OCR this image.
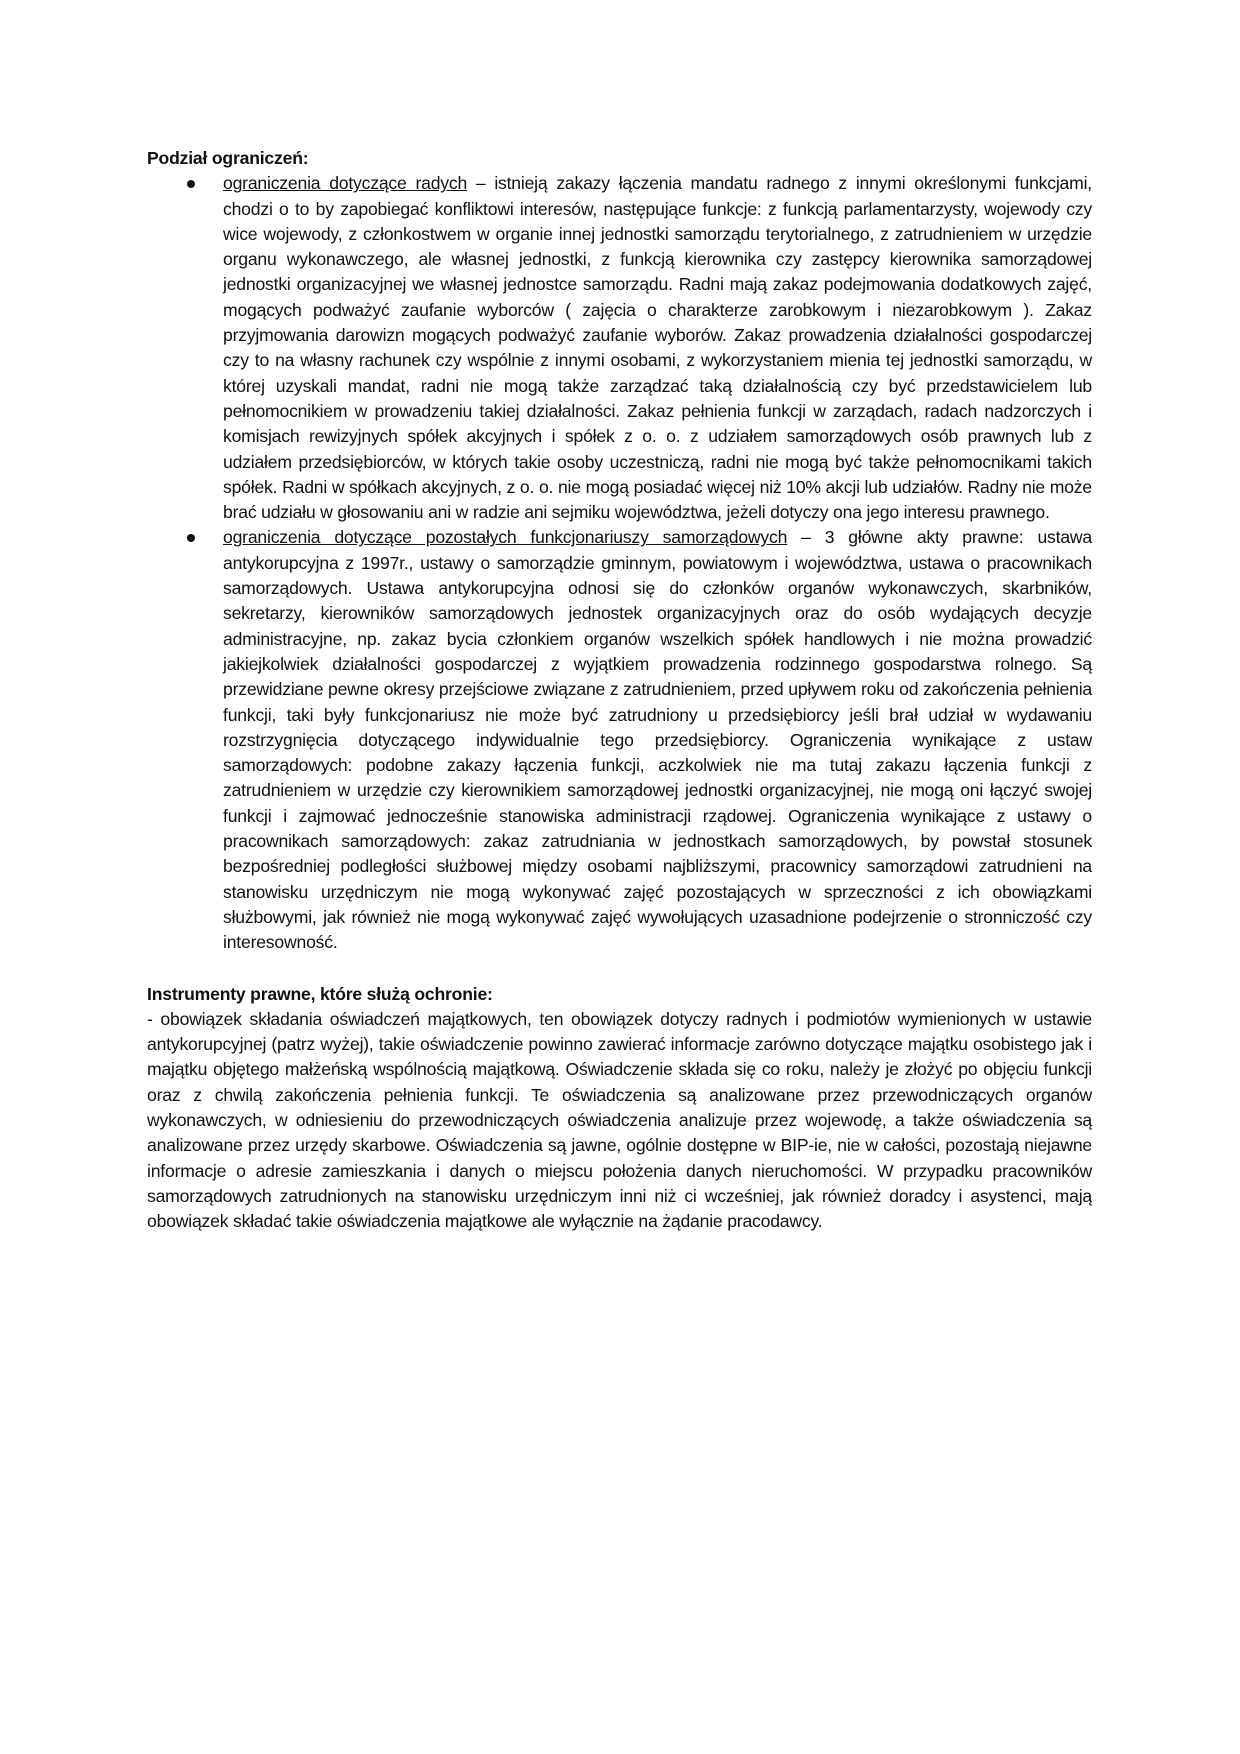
Podział ograniczeń:

ograniczenia dotyczące radych – istnieją zakazy łączenia mandatu radnego z innymi określonymi funkcjami, chodzi o to by zapobiegać konfliktowi interesów, następujące funkcje: z funkcją parlamentarzysty, wojewody czy wice wojewody, z członkostwem w organie innej jednostki samorządu terytorialnego, z zatrudnieniem w urzędzie organu wykonawczego, ale własnej jednostki, z funkcją kierownika czy zastępcy kierownika samorządowej jednostki organizacyjnej we własnej jednostce samorządu. Radni mają zakaz podejmowania dodatkowych zajęć, mogących podważyć zaufanie wyborców ( zajęcia o charakterze zarobkowym i niezarobkowym ). Zakaz przyjmowania darowizn mogących podważyć zaufanie wyborów. Zakaz prowadzenia działalności gospodarczej czy to na własny rachunek czy wspólnie z innymi osobami, z wykorzystaniem mienia tej jednostki samorządu, w której uzyskali mandat, radni nie mogą także zarządzać taką działalnością czy być przedstawicielem lub pełnomocnikiem w prowadzeniu takiej działalności. Zakaz pełnienia funkcji w zarządach, radach nadzorczych i komisjach rewizyjnych spółek akcyjnych i spółek z o. o. z udziałem samorządowych osób prawnych lub z udziałem przedsiębiorców, w których takie osoby uczestniczą, radni nie mogą być także pełnomocnikami takich spółek. Radni w spółkach akcyjnych, z o. o. nie mogą posiadać więcej niż 10% akcji lub udziałów. Radny nie może brać udziału w głosowaniu ani w radzie ani sejmiku województwa, jeżeli dotyczy ona jego interesu prawnego.
ograniczenia dotyczące pozostałych funkcjonariuszy samorządowych – 3 główne akty prawne: ustawa antykorupcyjna z 1997r., ustawy o samorządzie gminnym, powiatowym i województwa, ustawa o pracownikach samorządowych. Ustawa antykorupcyjna odnosi się do członków organów wykonawczych, skarbników, sekretarzy, kierowników samorządowych jednostek organizacyjnych oraz do osób wydających decyzje administracyjne, np. zakaz bycia członkiem organów wszelkich spółek handlowych i nie można prowadzić jakiejkolwiek działalności gospodarczej z wyjątkiem prowadzenia rodzinnego gospodarstwa rolnego. Są przewidziane pewne okresy przejściowe związane z zatrudnieniem, przed upływem roku od zakończenia pełnienia funkcji, taki były funkcjonariusz nie może być zatrudniony u przedsiębiorcy jeśli brał udział w wydawaniu rozstrzygnięcia dotyczącego indywidualnie tego przedsiębiorcy. Ograniczenia wynikające z ustaw samorządowych: podobne zakazy łączenia funkcji, aczkolwiek nie ma tutaj zakazu łączenia funkcji z zatrudnieniem w urzędzie czy kierownikiem samorządowej jednostki organizacyjnej, nie mogą oni łączyć swojej funkcji i zajmować jednocześnie stanowiska administracji rządowej. Ograniczenia wynikające z ustawy o pracownikach samorządowych: zakaz zatrudniania w jednostkach samorządowych, by powstał stosunek bezpośredniej podległości służbowej między osobami najbliższymi, pracownicy samorządowi zatrudnieni na stanowisku urzędniczym nie mogą wykonywać zajęć pozostających w sprzeczności z ich obowiązkami służbowymi, jak również nie mogą wykonywać zajęć wywołujących uzasadnione podejrzenie o stronniczość czy interesowność.

Instrumenty prawne, które służą ochronie:

- obowiązek składania oświadczeń majątkowych, ten obowiązek dotyczy radnych i podmiotów wymienionych w ustawie antykorupcyjnej (patrz wyżej), takie oświadczenie powinno zawierać informacje zarówno dotyczące majątku osobistego jak i majątku objętego małżeńską wspólnością majątkową. Oświadczenie składa się co roku, należy je złożyć po objęciu funkcji oraz z chwilą zakończenia pełnienia funkcji. Te oświadczenia są analizowane przez przewodniczących organów wykonawczych, w odniesieniu do przewodniczących oświadczenia analizuje przez wojewodę, a także oświadczenia są analizowane przez urzędy skarbowe. Oświadczenia są jawne, ogólnie dostępne w BIP-ie, nie w całości, pozostają niejawne informacje o adresie zamieszkania i danych o miejscu położenia danych nieruchomości. W przypadku pracowników samorządowych zatrudnionych na stanowisku urzędniczym inni niż ci wcześniej, jak również doradcy i asystenci, mają obowiązek składać takie oświadczenia majątkowe ale wyłącznie na żądanie pracodawcy.
